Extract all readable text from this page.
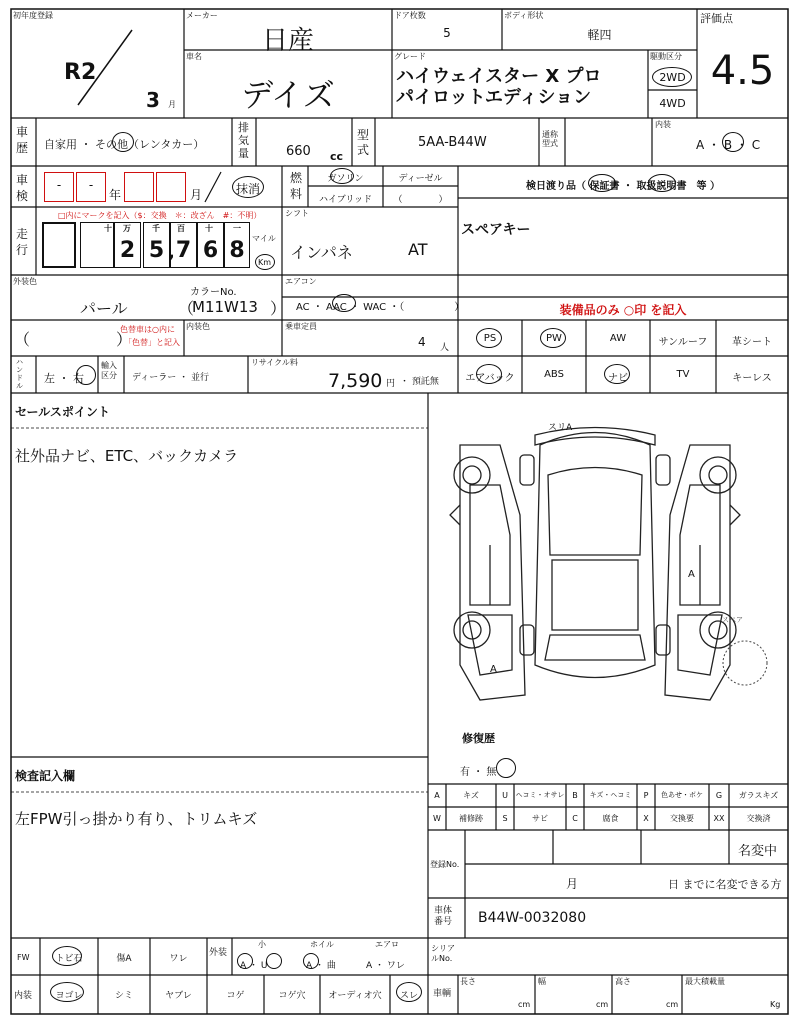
初年度登録
R2
3 月
メーカー
日産
ドア枚数
5
ボディ形状
軽四
評価点
4.5
車名
デイズ
グレード
ハイウェイスター X プロ
パイロットエディション
駆動区分
2WD
4WD
車歴 自家用 ・ その他（レンタカー）
排気量	660 cc
型式	5AA-B44W
通称型式
内装
A ・ B ・ C
車検
-	-
年	月	抹消
燃料
ガソリン	ディーゼル
ハイブリッド	（　　　　）
検日渡り品（ 保証書 ・ 取扱説明書　等 ）
走行
□内にマークを記入（$：交換　＊：改ざん　#：不明）
十 万	千 百	十	一
2 5 , 7 6 8 マイル
Km
シフト
インパネ	AT
スペアキー
外装色
パール
カラーNo.
M11W13
（	）
エアコン
AC ・ AAC ・ WAC ・（　　　　　）	装備品のみ ○印 を記入
（	）
色替車は○内に
「色替」と記入
内装色	乗車定員
4 人
PS	PW	AW	サンルーフ	革シート
エアバック	ABS	ナビ	TV	キーレス
ハンドル
左 ・ 右
輸入区分	ディーラー ・ 並行
リサイクル料
7,590 円 ・ 預託無
セールスポイント
社外品ナビ、ETC、バックカメラ
スリA
A
A
スペア
修復歴
有 ・ 無
検査記入欄
左FPW引っ掛かり有り、トリムキズ
A	キズ	U	ヘコミ・オサレ B	キズ・ヘコミ	P	色あせ・ボケ	G	ガラスキズ
W	補修跡	S	サビ	C	腐食	X	交換要	XX	交換済
登録No.
名変中
月	日 までに名変できる方
車体番号	B44W-0032080
FW	トビ石	傷A	ワレ
外装
小	ホイル	エアロ
A ・ U	A ・ 曲	A ・ ワレ
シリアルNo.
内装	ヨゴレ	シミ	ヤブレ	コゲ	コゲ穴	オーディオ穴	スレ	車輌
長さ
cm
幅
cm
高さ
cm
最大積載量
Kg
